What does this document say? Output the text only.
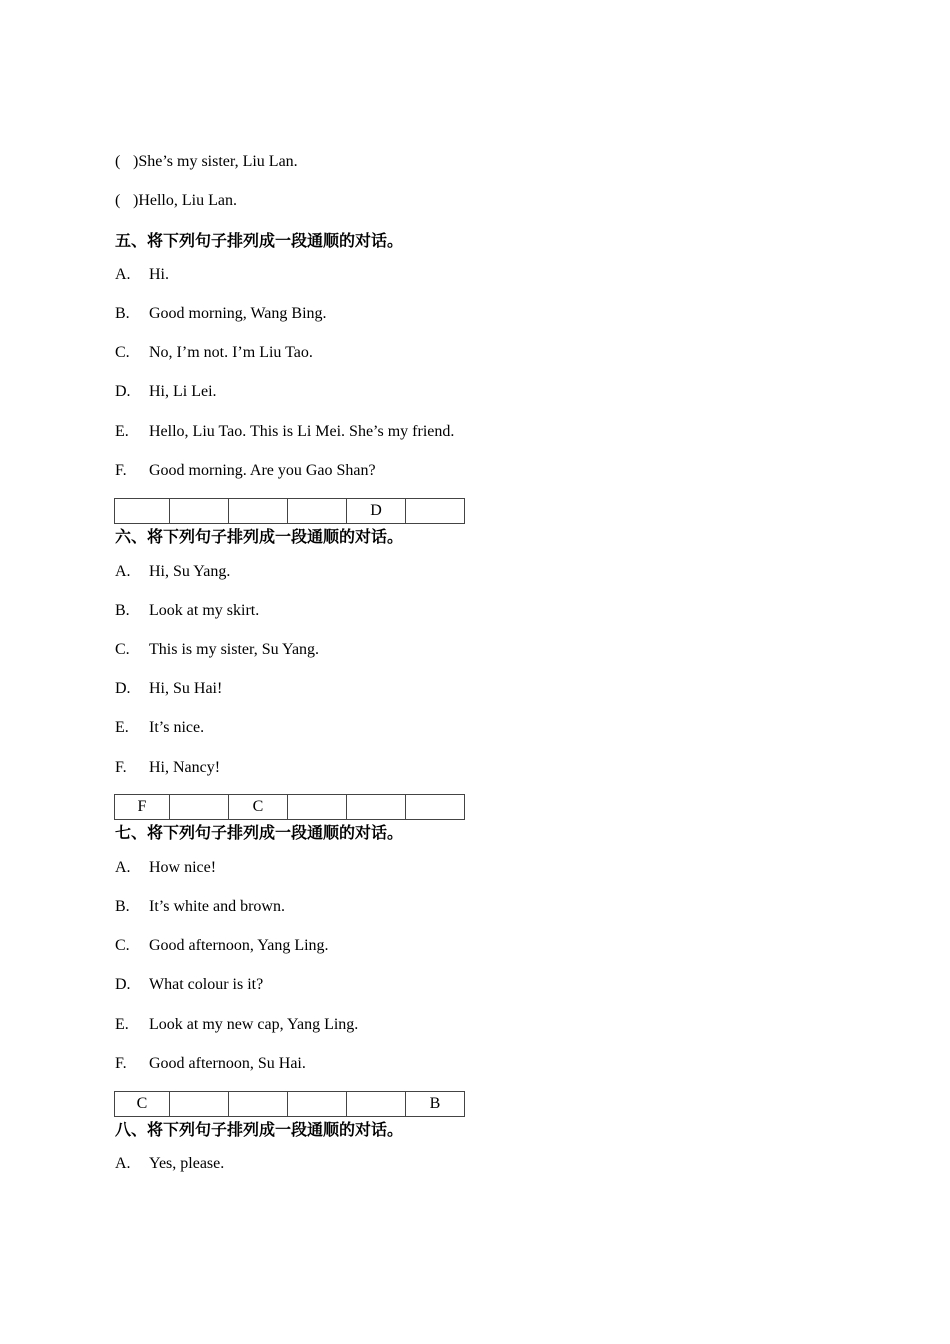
( )She’s my sister, Liu Lan.
( )Hello, Liu Lan.
五、将下列句子排列成一段通顺的对话。
A. Hi.
B. Good morning, Wang Bing.
C. No, I’m not. I’m Liu Tao.
D. Hi, Li Lei.
E. Hello, Liu Tao. This is Li Mei. She’s my friend.
F. Good morning. Are you Gao Shan?
				D	
六、将下列句子排列成一段通顺的对话。
A. Hi, Su Yang.
B. Look at my skirt.
C. This is my sister, Su Yang.
D. Hi, Su Hai!
E. It’s nice.
F. Hi, Nancy!
F		C			
七、将下列句子排列成一段通顺的对话。
A. How nice!
B. It’s white and brown.
C. Good afternoon, Yang Ling.
D. What colour is it?
E. Look at my new cap, Yang Ling.
F. Good afternoon, Su Hai.
C					B
八、将下列句子排列成一段通顺的对话。
A. Yes, please.
